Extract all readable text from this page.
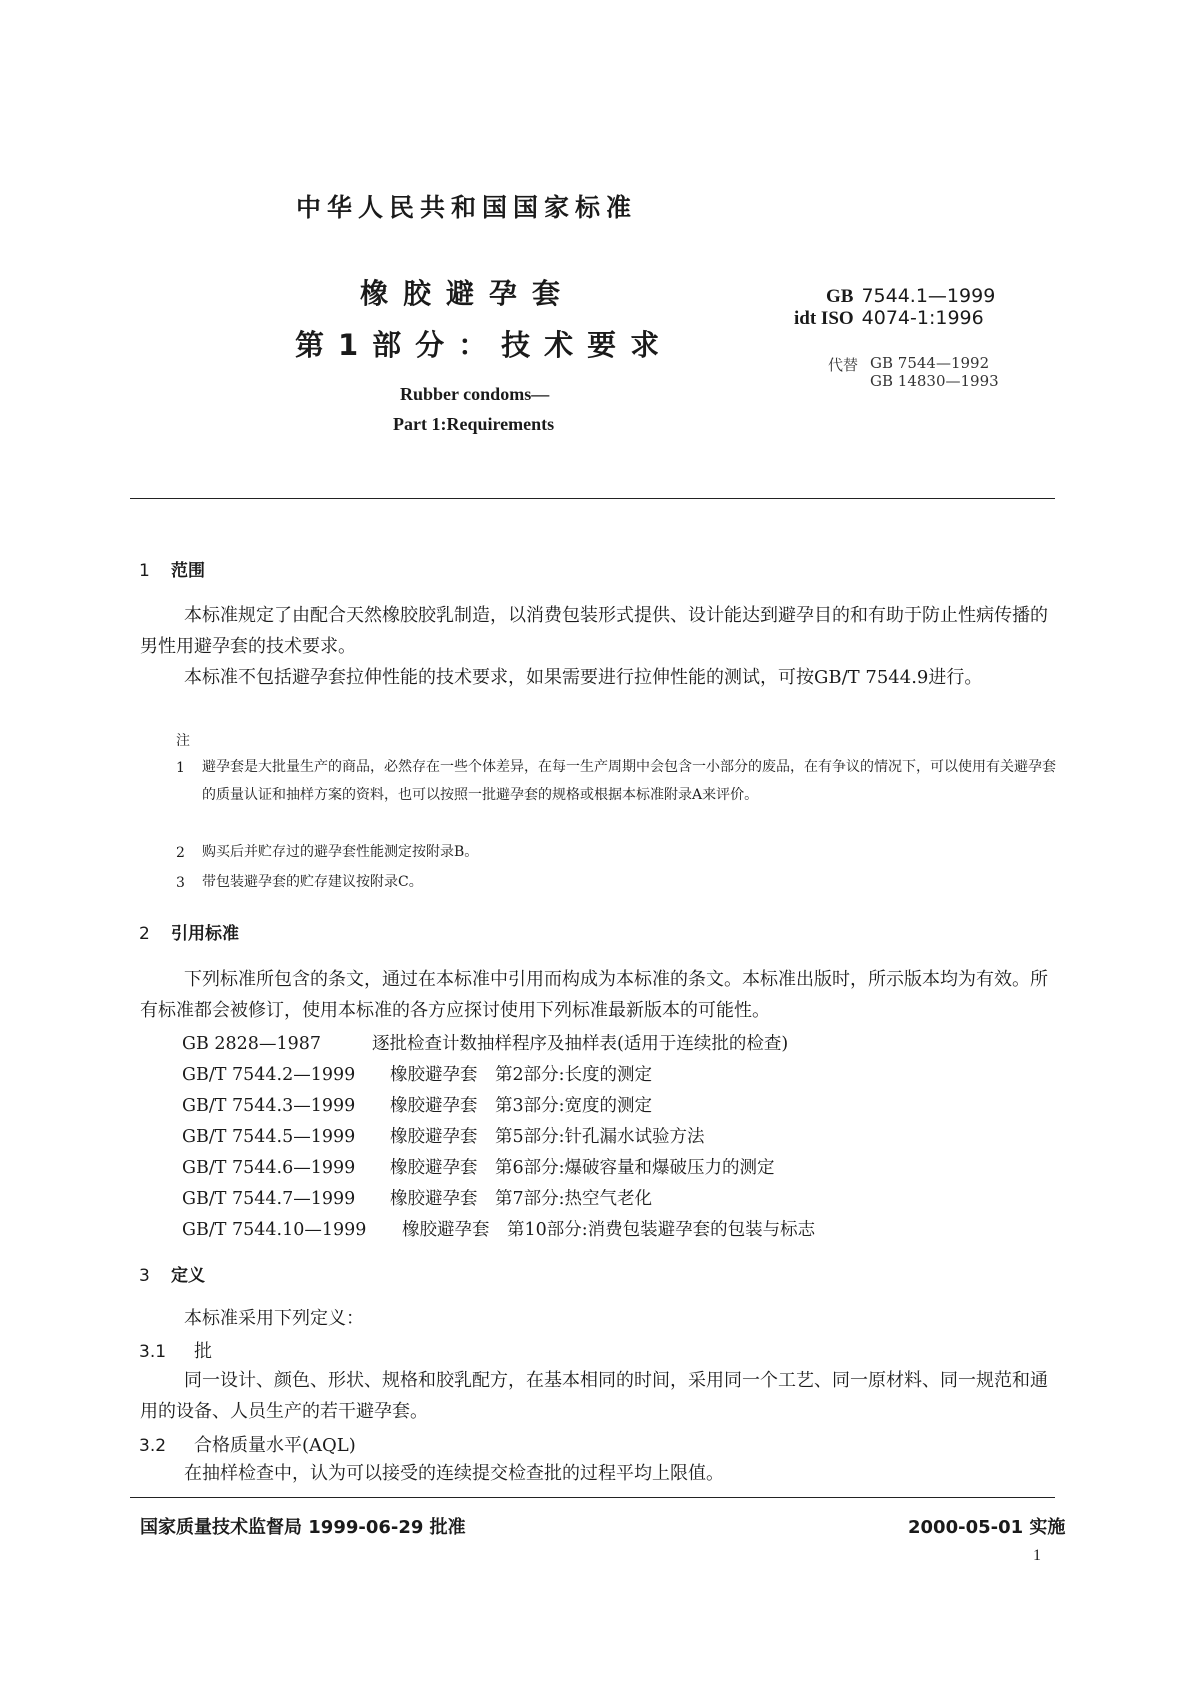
中华人民共和国国家标准
橡胶避孕套
第1部分：技术要求
Rubber condoms—
Part 1:Requirements
GB 7544.1—1999
idt ISO 4074-1:1996
代替 GB 7544—1992
GB 14830—1993
1 范围
本标准规定了由配合天然橡胶胶乳制造，以消费包装形式提供、设计能达到避孕目的和有助于防止性病传播的男性用避孕套的技术要求。
本标准不包括避孕套拉伸性能的技术要求，如果需要进行拉伸性能的测试，可按GB/T 7544.9进行。
注
1 避孕套是大批量生产的商品，必然存在一些个体差异，在每一生产周期中会包含一小部分的废品，在有争议的情况下，可以使用有关避孕套的质量认证和抽样方案的资料，也可以按照一批避孕套的规格或根据本标准附录A来评价。
2 购买后并贮存过的避孕套性能测定按附录B。
3 带包装避孕套的贮存建议按附录C。
2 引用标准
下列标准所包含的条文，通过在本标准中引用而构成为本标准的条文。本标准出版时，所示版本均为有效。所有标准都会被修订，使用本标准的各方应探讨使用下列标准最新版本的可能性。
GB 2828—1987	逐批检查计数抽样程序及抽样表(适用于连续批的检查)
GB/T 7544.2—1999 橡胶避孕套　第2部分:长度的测定
GB/T 7544.3—1999 橡胶避孕套　第3部分:宽度的测定
GB/T 7544.5—1999 橡胶避孕套　第5部分:针孔漏水试验方法
GB/T 7544.6—1999 橡胶避孕套　第6部分:爆破容量和爆破压力的测定
GB/T 7544.7—1999 橡胶避孕套　第7部分:热空气老化
GB/T 7544.10—1999 橡胶避孕套　第10部分:消费包装避孕套的包装与标志
3 定义
本标准采用下列定义：
3.1 批
同一设计、颜色、形状、规格和胶乳配方，在基本相同的时间，采用同一个工艺、同一原材料、同一规范和通用的设备、人员生产的若干避孕套。
3.2 合格质量水平(AQL)
在抽样检查中，认为可以接受的连续提交检查批的过程平均上限值。
国家质量技术监督局 1999-06-29 批准	2000-05-01 实施
1
